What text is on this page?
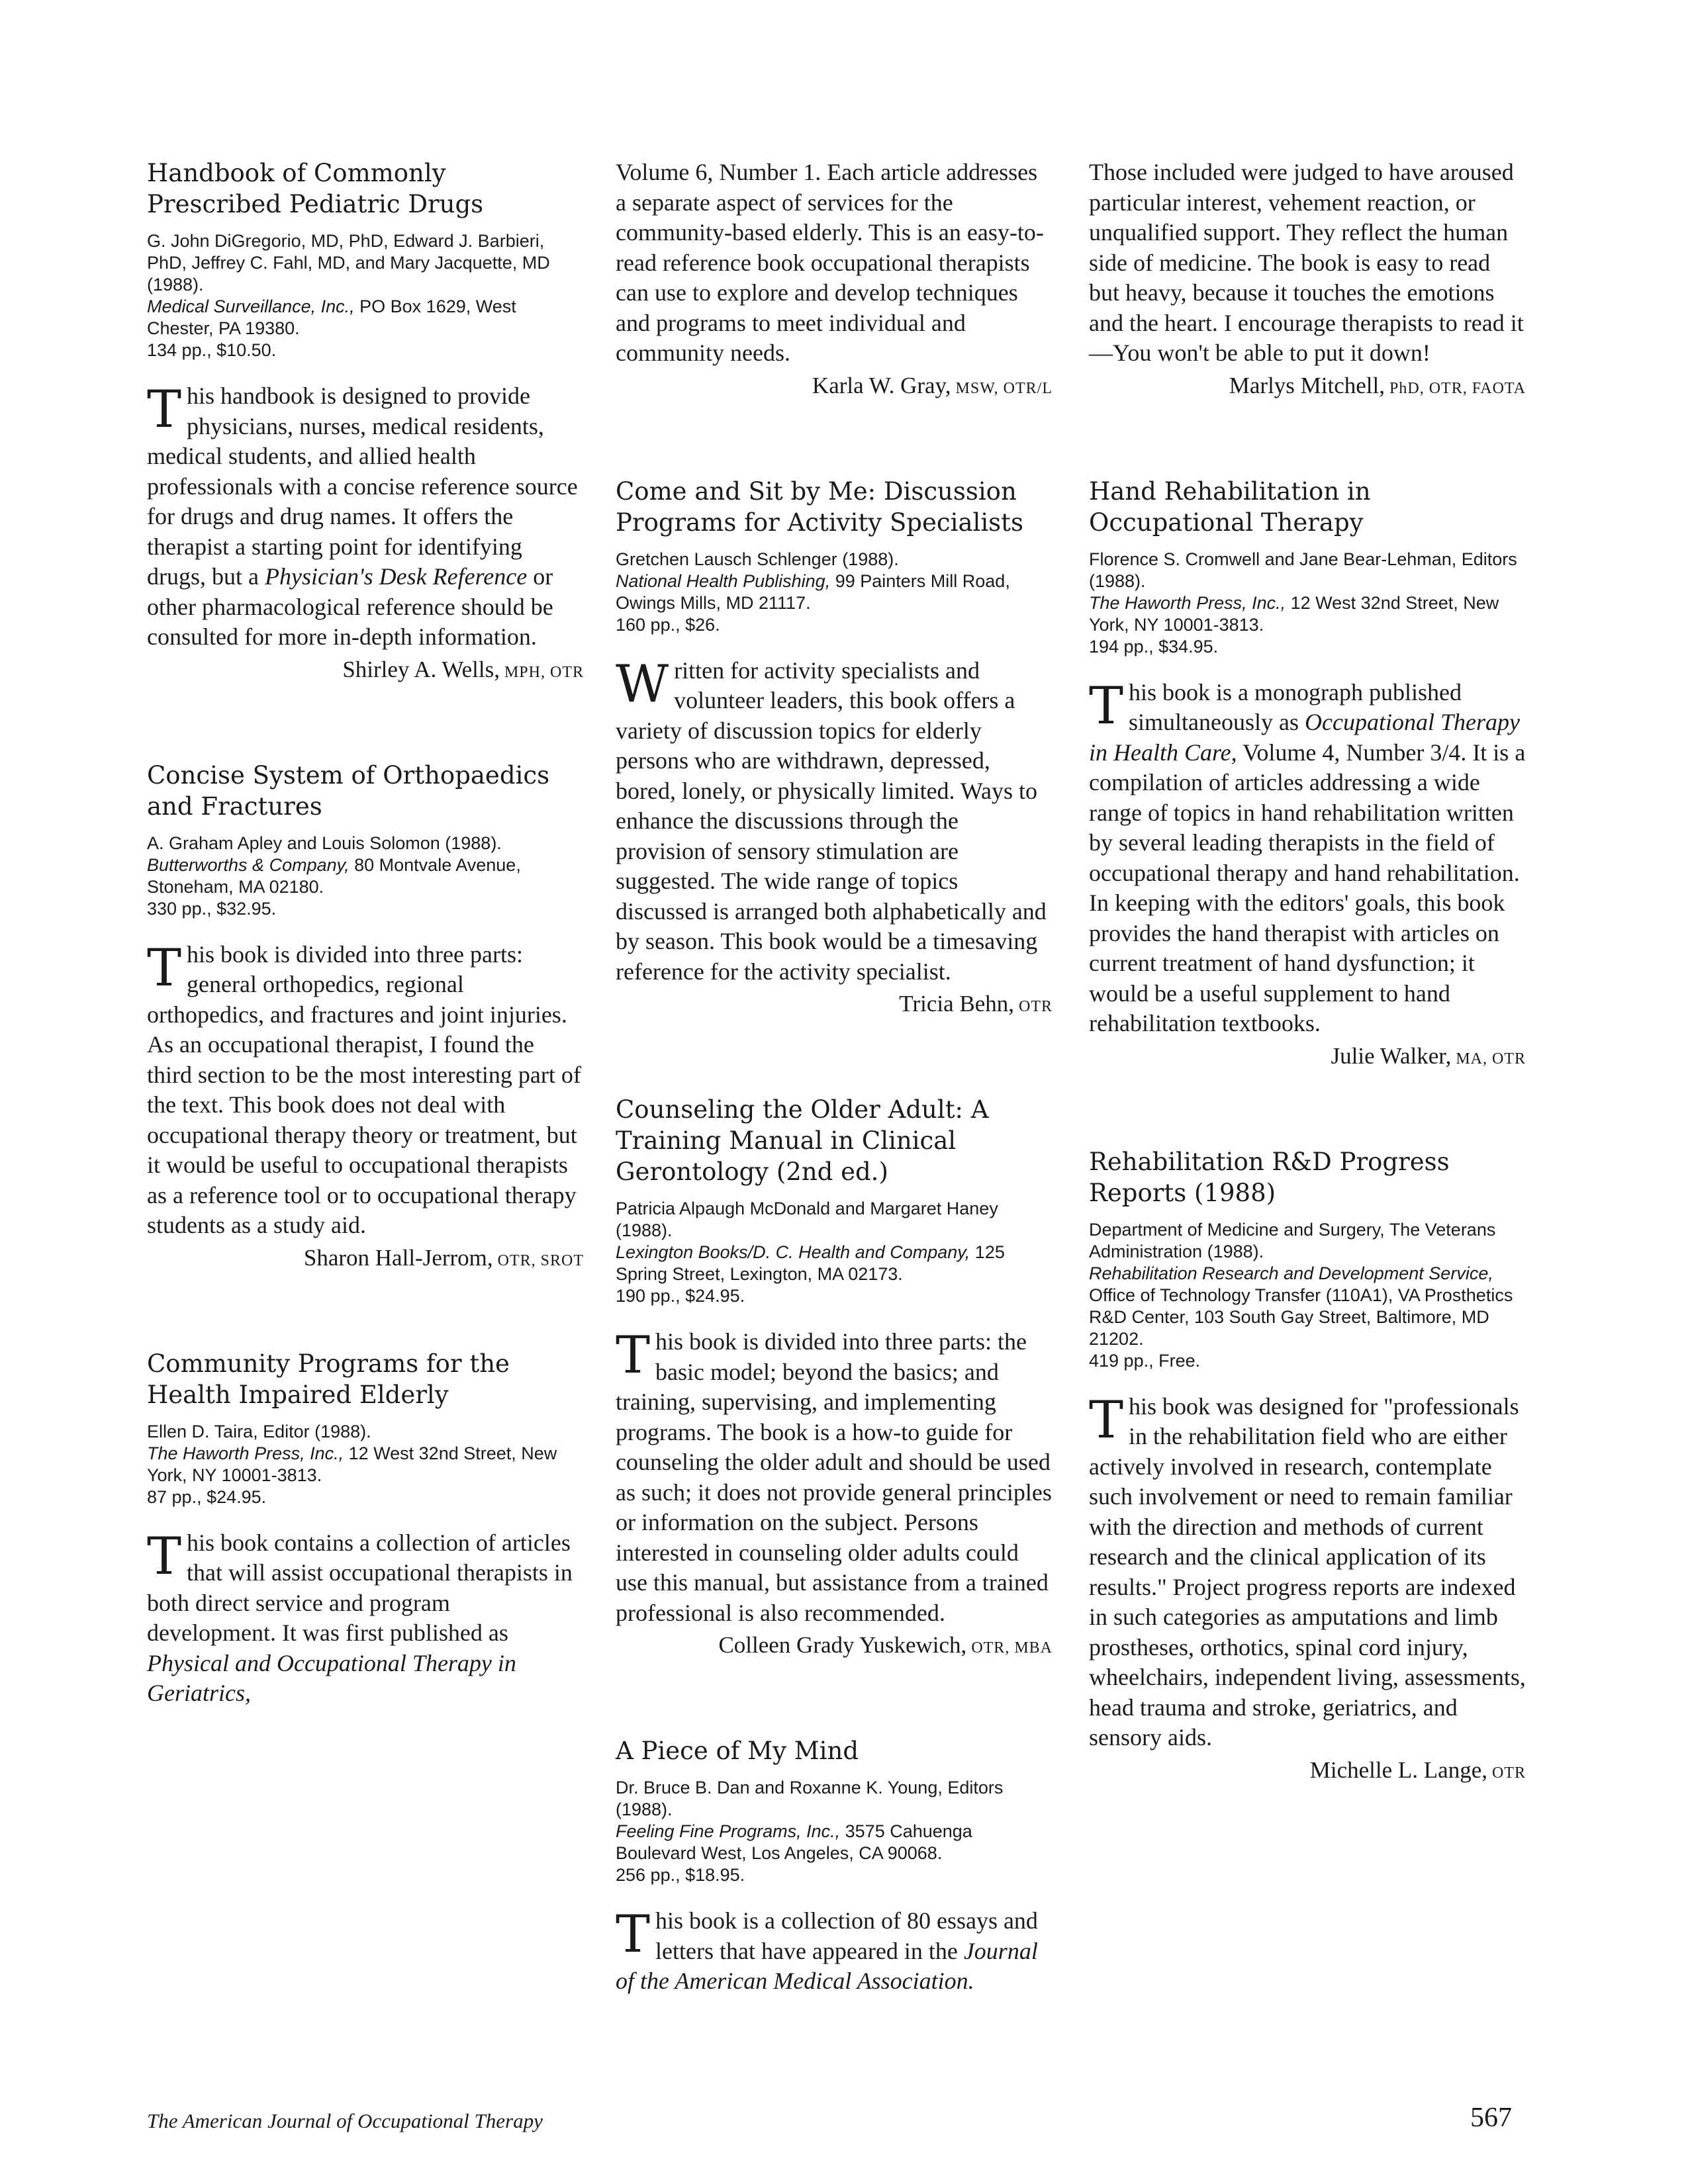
Handbook of Commonly Prescribed Pediatric Drugs
G. John DiGregorio, MD, PhD, Edward J. Barbieri, PhD, Jeffrey C. Fahl, MD, and Mary Jacquette, MD (1988).
Medical Surveillance, Inc., PO Box 1629, West Chester, PA 19380.
134 pp., $10.50.

This handbook is designed to provide physicians, nurses, medical residents, medical students, and allied health professionals with a concise reference source for drugs and drug names. It offers the therapist a starting point for identifying drugs, but a Physician's Desk Reference or other pharmacological reference should be consulted for more in-depth information.

Shirley A. Wells, MPH, OTR
Concise System of Orthopaedics and Fractures
A. Graham Apley and Louis Solomon (1988).
Butterworths & Company, 80 Montvale Avenue, Stoneham, MA 02180.
330 pp., $32.95.

This book is divided into three parts: general orthopedics, regional orthopedics, and fractures and joint injuries. As an occupational therapist, I found the third section to be the most interesting part of the text. This book does not deal with occupational therapy theory or treatment, but it would be useful to occupational therapists as a reference tool or to occupational therapy students as a study aid.

Sharon Hall-Jerrom, OTR, SROT
Community Programs for the Health Impaired Elderly
Ellen D. Taira, Editor (1988).
The Haworth Press, Inc., 12 West 32nd Street, New York, NY 10001-3813.
87 pp., $24.95.

This book contains a collection of articles that will assist occupational therapists in both direct service and program development. It was first published as Physical and Occupational Therapy in Geriatrics,

Volume 6, Number 1. Each article addresses a separate aspect of services for the community-based elderly. This is an easy-to-read reference book occupational therapists can use to explore and develop techniques and programs to meet individual and community needs.

Karla W. Gray, MSW, OTR/L
Come and Sit by Me: Discussion Programs for Activity Specialists
Gretchen Lausch Schlenger (1988).
National Health Publishing, 99 Painters Mill Road, Owings Mills, MD 21117.
160 pp., $26.

Written for activity specialists and volunteer leaders, this book offers a variety of discussion topics for elderly persons who are withdrawn, depressed, bored, lonely, or physically limited. Ways to enhance the discussions through the provision of sensory stimulation are suggested. The wide range of topics discussed is arranged both alphabetically and by season. This book would be a timesaving reference for the activity specialist.

Tricia Behn, OTR
Counseling the Older Adult: A Training Manual in Clinical Gerontology (2nd ed.)
Patricia Alpaugh McDonald and Margaret Haney (1988).
Lexington Books/D. C. Health and Company, 125 Spring Street, Lexington, MA 02173.
190 pp., $24.95.

This book is divided into three parts: the basic model; beyond the basics; and training, supervising, and implementing programs. The book is a how-to guide for counseling the older adult and should be used as such; it does not provide general principles or information on the subject. Persons interested in counseling older adults could use this manual, but assistance from a trained professional is also recommended.

Colleen Grady Yuskewich, OTR, MBA
A Piece of My Mind
Dr. Bruce B. Dan and Roxanne K. Young, Editors (1988).
Feeling Fine Programs, Inc., 3575 Cahuenga Boulevard West, Los Angeles, CA 90068.
256 pp., $18.95.

This book is a collection of 80 essays and letters that have appeared in the Journal of the American Medical Association.

Those included were judged to have aroused particular interest, vehement reaction, or unqualified support. They reflect the human side of medicine. The book is easy to read but heavy, because it touches the emotions and the heart. I encourage therapists to read it—You won't be able to put it down!

Marlys Mitchell, PhD, OTR, FAOTA
Hand Rehabilitation in Occupational Therapy
Florence S. Cromwell and Jane Bear-Lehman, Editors (1988).
The Haworth Press, Inc., 12 West 32nd Street, New York, NY 10001-3813.
194 pp., $34.95.

This book is a monograph published simultaneously as Occupational Therapy in Health Care, Volume 4, Number 3/4. It is a compilation of articles addressing a wide range of topics in hand rehabilitation written by several leading therapists in the field of occupational therapy and hand rehabilitation. In keeping with the editors' goals, this book provides the hand therapist with articles on current treatment of hand dysfunction; it would be a useful supplement to hand rehabilitation textbooks.

Julie Walker, MA, OTR
Rehabilitation R&D Progress Reports (1988)
Department of Medicine and Surgery, The Veterans Administration (1988).
Rehabilitation Research and Development Service, Office of Technology Transfer (110A1), VA Prosthetics R&D Center, 103 South Gay Street, Baltimore, MD 21202.
419 pp., Free.

This book was designed for "professionals in the rehabilitation field who are either actively involved in research, contemplate such involvement or need to remain familiar with the direction and methods of current research and the clinical application of its results." Project progress reports are indexed in such categories as amputations and limb prostheses, orthotics, spinal cord injury, wheelchairs, independent living, assessments, head trauma and stroke, geriatrics, and sensory aids.

Michelle L. Lange, OTR
The American Journal of Occupational Therapy	567
